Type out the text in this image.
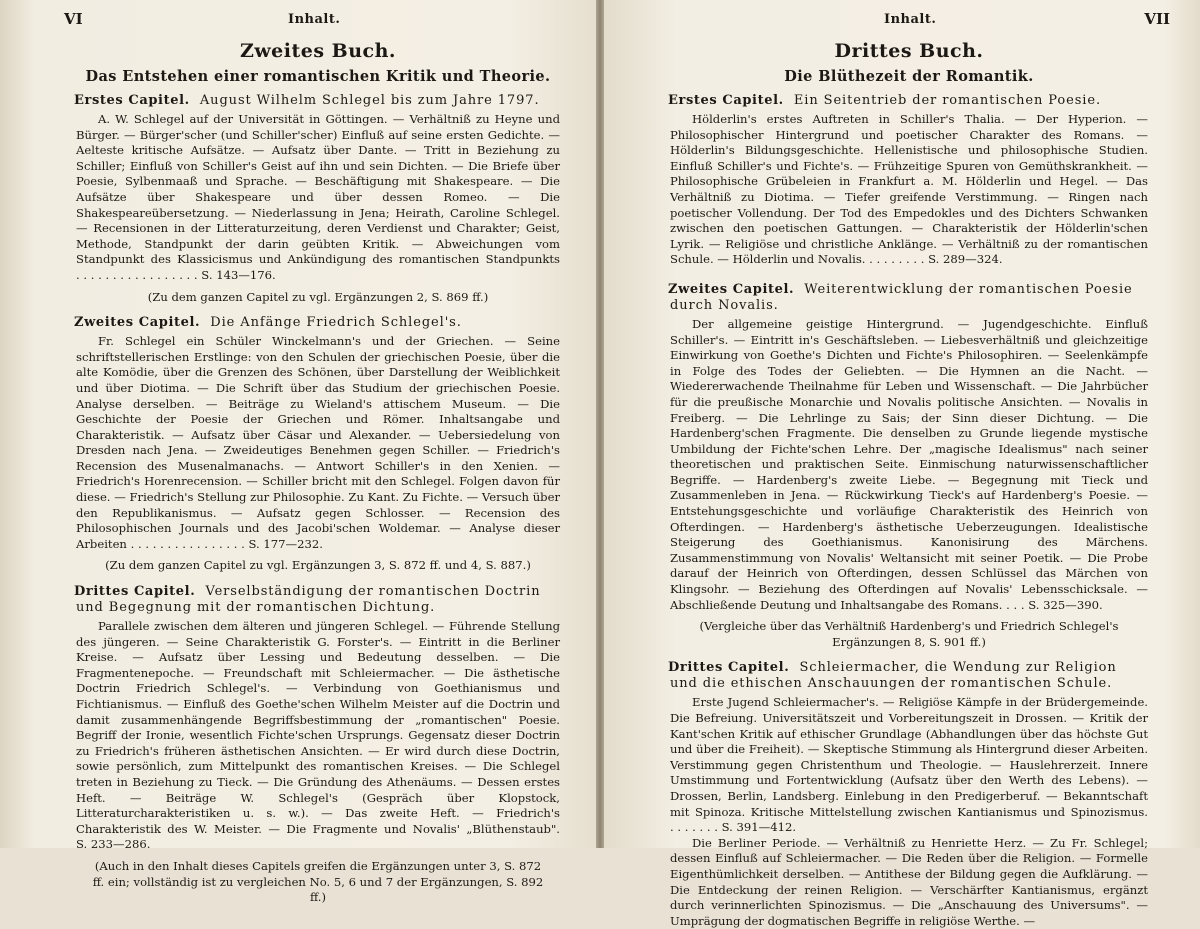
VI	Inhalt.
Zweites Buch.
Das Entstehen einer romantischen Kritik und Theorie.
Erstes Capitel. August Wilhelm Schlegel bis zum Jahre 1797.
A. W. Schlegel auf der Universität in Göttingen. — Verhältniß zu Heyne und Bürger. — Bürger'scher (und Schiller'scher) Einfluß auf seine ersten Gedichte. — Aelteste kritische Aufsätze. — Aufsatz über Dante. — Tritt in Beziehung zu Schiller; Einfluß von Schiller's Geist auf ihn und sein Dichten. — Die Briefe über Poesie, Sylbenmaaß und Sprache. — Beschäftigung mit Shakespeare. — Die Aufsätze über Shakespeare und über dessen Romeo. — Die Shakespeareübersetzung. — Niederlassung in Jena; Heirath, Caroline Schlegel. — Recensionen in der Litteraturzeitung, deren Verdienst und Charakter; Geist, Methode, Standpunkt der darin geübten Kritik. — Abweichungen vom Standpunkt des Klassicismus und Ankündigung des romantischen Standpunkts . . . . . . . . . . . . . . . . . S. 143—176.
(Zu dem ganzen Capitel zu vgl. Ergänzungen 2, S. 869 ff.)
Zweites Capitel. Die Anfänge Friedrich Schlegel's.
Fr. Schlegel ein Schüler Winckelmann's und der Griechen. — Seine schriftstellerischen Erstlinge: von den Schulen der griechischen Poesie, über die alte Komödie, über die Grenzen des Schönen, über Darstellung der Weiblichkeit und über Diotima. — Die Schrift über das Studium der griechischen Poesie. Analyse derselben. — Beiträge zu Wieland's attischem Museum. — Die Geschichte der Poesie der Griechen und Römer. Inhaltsangabe und Charakteristik. — Aufsatz über Cäsar und Alexander. — Uebersiedelung von Dresden nach Jena. — Zweideutiges Benehmen gegen Schiller. — Friedrich's Recension des Musenalmanachs. — Antwort Schiller's in den Xenien. — Friedrich's Horenrecension. — Schiller bricht mit den Schlegel. Folgen davon für diese. — Friedrich's Stellung zur Philosophie. Zu Kant. Zu Fichte. — Versuch über den Republikanismus. — Aufsatz gegen Schlosser. — Recension des Philosophischen Journals und des Jacobi'schen Woldemar. — Analyse dieser Arbeiten . . . . . . . . . . . . . . . . S. 177—232.
(Zu dem ganzen Capitel zu vgl. Ergänzungen 3, S. 872 ff. und 4, S. 887.)
Drittes Capitel. Verselbständigung der romantischen Doctrin und Begegnung mit der romantischen Dichtung.
Parallele zwischen dem älteren und jüngeren Schlegel. — Führende Stellung des jüngeren. — Seine Charakteristik G. Forster's. — Eintritt in die Berliner Kreise. — Aufsatz über Lessing und Bedeutung desselben. — Die Fragmentenepoche. — Freundschaft mit Schleiermacher. — Die ästhetische Doctrin Friedrich Schlegel's. — Verbindung von Goethianismus und Fichtianismus. — Einfluß des Goethe'schen Wilhelm Meister auf die Doctrin und damit zusammenhängende Begriffsbestimmung der „romantischen" Poesie. Begriff der Ironie, wesentlich Fichte'schen Ursprungs. Gegensatz dieser Doctrin zu Friedrich's früheren ästhetischen Ansichten. — Er wird durch diese Doctrin, sowie persönlich, zum Mittelpunkt des romantischen Kreises. — Die Schlegel treten in Beziehung zu Tieck. — Die Gründung des Athenäums. — Dessen erstes Heft. — Beiträge W. Schlegel's (Gespräch über Klopstock, Litteraturcharakteristiken u. s. w.). — Das zweite Heft. — Friedrich's Charakteristik des W. Meister. — Die Fragmente und Novalis' „Blüthenstaub". S. 233—286.
(Auch in den Inhalt dieses Capitels greifen die Ergänzungen unter 3, S. 872 ff. ein; vollständig ist zu vergleichen No. 5, 6 und 7 der Ergänzungen, S. 892 ff.)
Inhalt.	VII
Drittes Buch.
Die Blüthezeit der Romantik.
Erstes Capitel. Ein Seitentrieb der romantischen Poesie.
Hölderlin's erstes Auftreten in Schiller's Thalia. — Der Hyperion. — Philosophischer Hintergrund und poetischer Charakter des Romans. — Hölderlin's Bildungsgeschichte. Hellenistische und philosophische Studien. Einfluß Schiller's und Fichte's. — Frühzeitige Spuren von Gemüthskrankheit. — Philosophische Grübeleien in Frankfurt a. M. Hölderlin und Hegel. — Das Verhältniß zu Diotima. — Tiefer greifende Verstimmung. — Ringen nach poetischer Vollendung. Der Tod des Empedokles und des Dichters Schwanken zwischen den poetischen Gattungen. — Charakteristik der Hölderlin'schen Lyrik. — Religiöse und christliche Anklänge. — Verhältniß zu der romantischen Schule. — Hölderlin und Novalis. . . . . . . . . S. 289—324.
Zweites Capitel. Weiterentwicklung der romantischen Poesie durch Novalis.
Der allgemeine geistige Hintergrund. — Jugendgeschichte. Einfluß Schiller's. — Eintritt in's Geschäftsleben. — Liebesverhältniß und gleichzeitige Einwirkung von Goethe's Dichten und Fichte's Philosophiren. — Seelenkämpfe in Folge des Todes der Geliebten. — Die Hymnen an die Nacht. — Wiedererwachende Theilnahme für Leben und Wissenschaft. — Die Jahrbücher für die preußische Monarchie und Novalis politische Ansichten. — Novalis in Freiberg. — Die Lehrlinge zu Sais; der Sinn dieser Dichtung. — Die Hardenberg'schen Fragmente. Die denselben zu Grunde liegende mystische Umbildung der Fichte'schen Lehre. Der „magische Idealismus" nach seiner theoretischen und praktischen Seite. Einmischung naturwissenschaftlicher Begriffe. — Hardenberg's zweite Liebe. — Begegnung mit Tieck und Zusammenleben in Jena. — Rückwirkung Tieck's auf Hardenberg's Poesie. — Entstehungsgeschichte und vorläufige Charakteristik des Heinrich von Ofterdingen. — Hardenberg's ästhetische Ueberzeugungen. Idealistische Steigerung des Goethianismus. Kanonisirung des Märchens. Zusammenstimmung von Novalis' Weltansicht mit seiner Poetik. — Die Probe darauf der Heinrich von Ofterdingen, dessen Schlüssel das Märchen von Klingsohr. — Beziehung des Ofterdingen auf Novalis' Lebensschicksale. — Abschließende Deutung und Inhaltsangabe des Romans. . . . S. 325—390.
(Vergleiche über das Verhältniß Hardenberg's und Friedrich Schlegel's Ergänzungen 8, S. 901 ff.)
Drittes Capitel. Schleiermacher, die Wendung zur Religion und die ethischen Anschauungen der romantischen Schule.
Erste Jugend Schleiermacher's. — Religiöse Kämpfe in der Brüdergemeinde. Die Befreiung. Universitätszeit und Vorbereitungszeit in Drossen. — Kritik der Kant'schen Kritik auf ethischer Grundlage (Abhandlungen über das höchste Gut und über die Freiheit). — Skeptische Stimmung als Hintergrund dieser Arbeiten. Verstimmung gegen Christenthum und Theologie. — Hauslehrerzeit. Innere Umstimmung und Fortentwicklung (Aufsatz über den Werth des Lebens). — Drossen, Berlin, Landsberg. Einlebung in den Predigerberuf. — Bekanntschaft mit Spinoza. Kritische Mittelstellung zwischen Kantianismus und Spinozismus. . . . . . . . S. 391—412.
Die Berliner Periode. — Verhältniß zu Henriette Herz. — Zu Fr. Schlegel; dessen Einfluß auf Schleiermacher. — Die Reden über die Religion. — Formelle Eigenthümlichkeit derselben. — Antithese der Bildung gegen die Aufklärung. — Die Entdeckung der reinen Religion. — Verschärfter Kantianismus, ergänzt durch verinnerlichten Spinozismus. — Die „Anschauung des Universums". — Umprägung der dogmatischen Begriffe in religiöse Werthe. —
